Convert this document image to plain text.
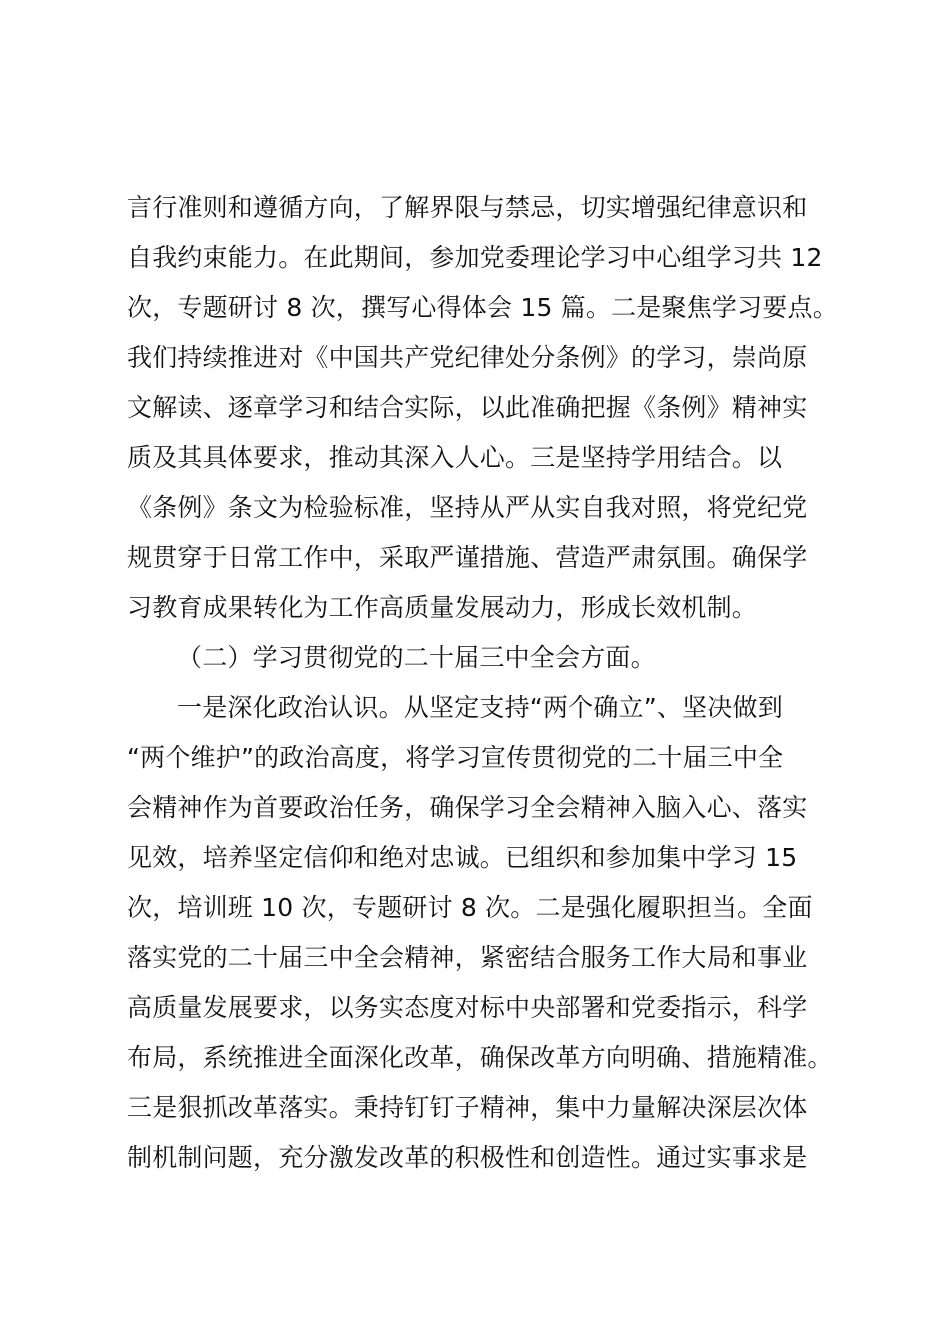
言行准则和遵循方向，了解界限与禁忌，切实增强纪律意识和
自我约束能力。在此期间，参加党委理论学习中心组学习共 12
次，专题研讨 8 次，撰写心得体会 15 篇。二是聚焦学习要点。
我们持续推进对《中国共产党纪律处分条例》的学习，崇尚原
文解读、逐章学习和结合实际，以此准确把握《条例》精神实
质及其具体要求，推动其深入人心。三是坚持学用结合。以
《条例》条文为检验标准，坚持从严从实自我对照，将党纪党
规贯穿于日常工作中，采取严谨措施、营造严肃氛围。确保学
习教育成果转化为工作高质量发展动力，形成长效机制。
（二）学习贯彻党的二十届三中全会方面。
一是深化政治认识。从坚定支持“两个确立”、坚决做到
“两个维护”的政治高度，将学习宣传贯彻党的二十届三中全
会精神作为首要政治任务，确保学习全会精神入脑入心、落实
见效，培养坚定信仰和绝对忠诚。已组织和参加集中学习 15
次，培训班 10 次，专题研讨 8 次。二是强化履职担当。全面
落实党的二十届三中全会精神，紧密结合服务工作大局和事业
高质量发展要求，以务实态度对标中央部署和党委指示，科学
布局，系统推进全面深化改革，确保改革方向明确、措施精准。
三是狠抓改革落实。秉持钉钉子精神，集中力量解决深层次体
制机制问题，充分激发改革的积极性和创造性。通过实事求是
